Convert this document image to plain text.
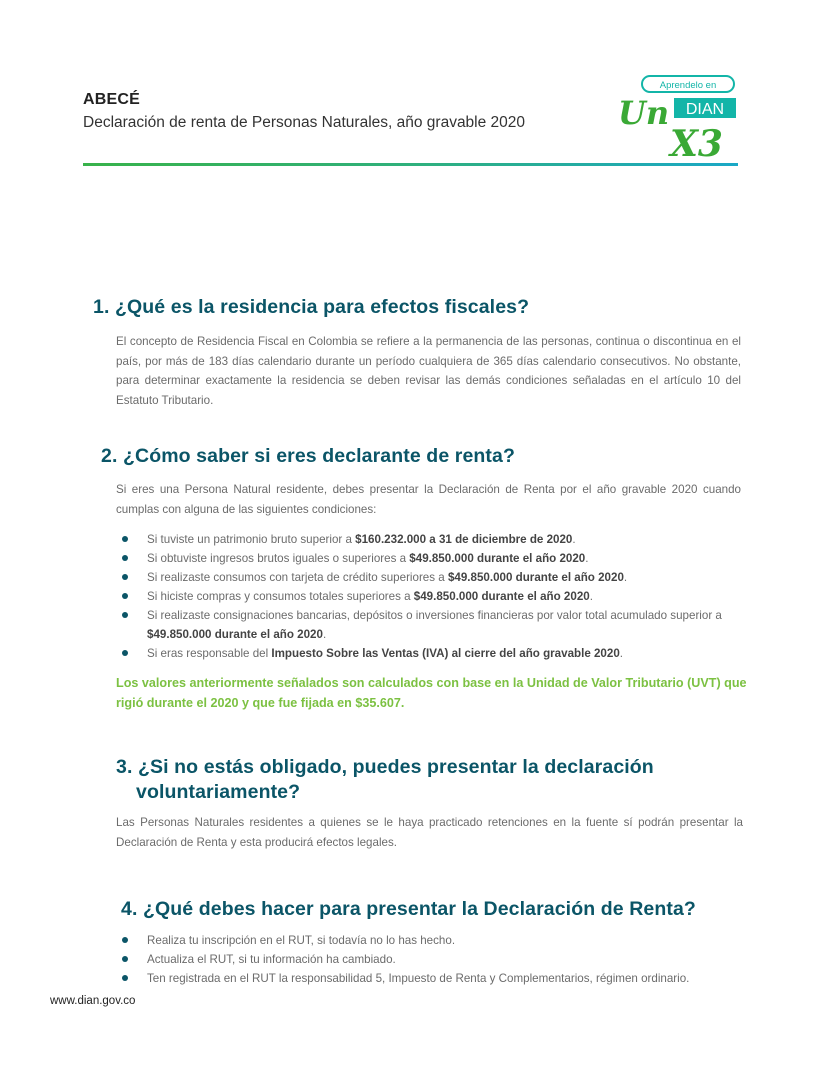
ABECÉ
Declaración de renta de Personas Naturales, año gravable 2020
Aprendelo en
Un DIAN
X3
1. ¿Qué es la residencia para efectos fiscales?
El concepto de Residencia Fiscal en Colombia se refiere a la permanencia de las personas, continua o discontinua en el país, por más de 183 días calendario durante un período cualquiera de 365 días calendario consecutivos. No obstante, para determinar exactamente la residencia se deben revisar las demás condiciones señaladas en el artículo 10 del Estatuto Tributario.
2. ¿Cómo saber si eres declarante de renta?
Si eres una Persona Natural residente, debes presentar la Declaración de Renta por el año gravable 2020 cuando cumplas con alguna de las siguientes condiciones:
Si tuviste un patrimonio bruto superior a $160.232.000 a 31 de diciembre de 2020.
Si obtuviste ingresos brutos iguales o superiores a $49.850.000 durante el año 2020.
Si realizaste consumos con tarjeta de crédito superiores a $49.850.000 durante el año 2020.
Si hiciste compras y consumos totales superiores a $49.850.000 durante el año 2020.
Si realizaste consignaciones bancarias, depósitos o inversiones financieras por valor total acumulado superior a $49.850.000 durante el año 2020.
Si eras responsable del Impuesto Sobre las Ventas (IVA) al cierre del año gravable 2020.
Los valores anteriormente señalados son calculados con base en la Unidad de Valor Tributario (UVT) que rigió durante el 2020 y que fue fijada en $35.607.
3. ¿Si no estás obligado, puedes presentar la declaración
voluntariamente?
Las Personas Naturales residentes a quienes se le haya practicado retenciones en la fuente sí podrán presentar la Declaración de Renta y esta producirá efectos legales.
4. ¿Qué debes hacer para presentar la Declaración de Renta?
Realiza tu inscripción en el RUT, si todavía no lo has hecho.
Actualiza el RUT, si tu información ha cambiado.
Ten registrada en el RUT la responsabilidad 5, Impuesto de Renta y Complementarios, régimen ordinario.
www.dian.gov.co
